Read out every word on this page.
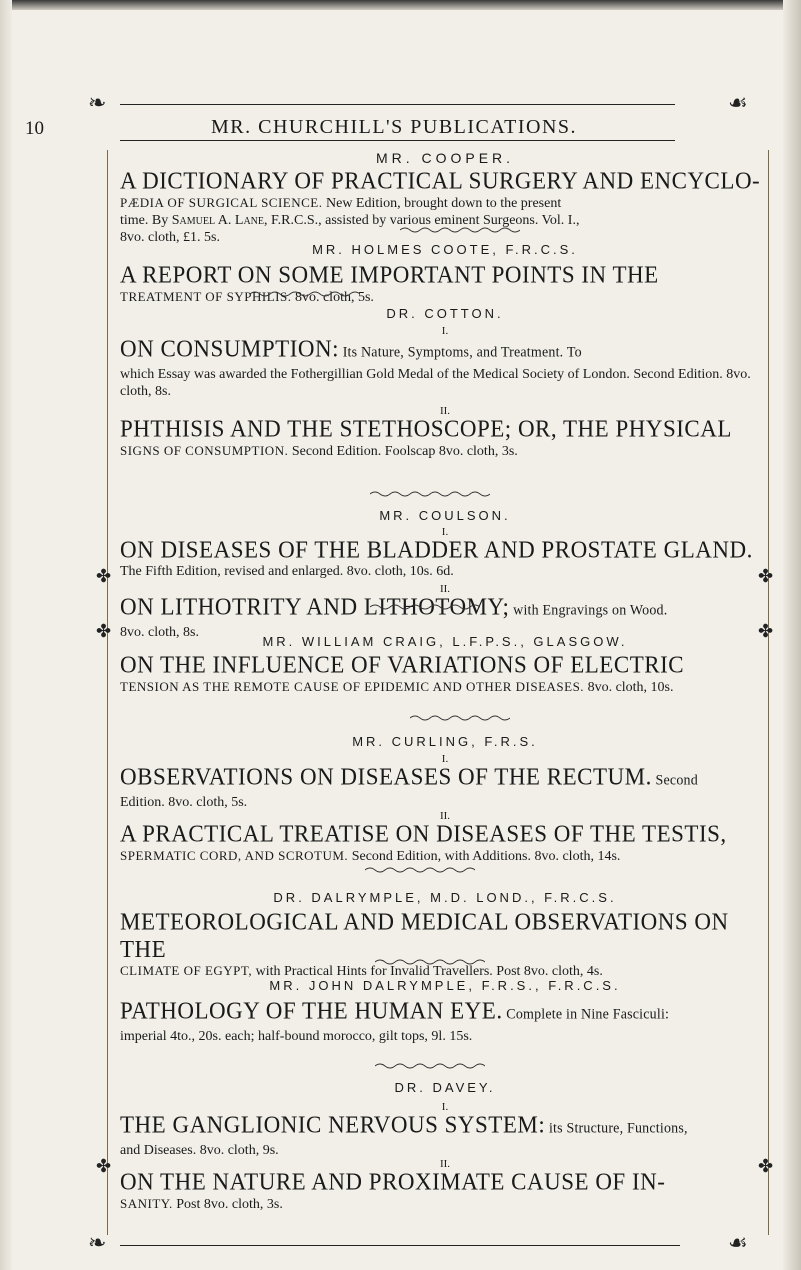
❧	☙
❧	☙
✤
✤
✤
✤
✤	✤
10	MR. CHURCHILL'S PUBLICATIONS.

MR. COOPER.

A DICTIONARY OF PRACTICAL SURGERY AND ENCYCLO-

PÆDIA OF SURGICAL SCIENCE. New Edition, brought down to the present
time. By Samuel A. Lane, F.R.C.S., assisted by various eminent Surgeons. Vol. I.,
8vo. cloth, £1. 5s.

MR. HOLMES COOTE, F.R.C.S.

A REPORT ON SOME IMPORTANT POINTS IN THE

TREATMENT OF SYPHILIS. 8vo. cloth, 5s.

DR. COTTON.

I.

ON CONSUMPTION: Its Nature, Symptoms, and Treatment. To

which Essay was awarded the Fothergillian Gold Medal of the Medical Society of London. Second Edition. 8vo. cloth, 8s.

II.

PHTHISIS AND THE STETHOSCOPE; OR, THE PHYSICAL

SIGNS OF CONSUMPTION. Second Edition. Foolscap 8vo. cloth, 3s.

MR. COULSON.

I.

ON DISEASES OF THE BLADDER AND PROSTATE GLAND.

The Fifth Edition, revised and enlarged. 8vo. cloth, 10s. 6d.

II.

ON LITHOTRITY AND LITHOTOMY; with Engravings on Wood.

8vo. cloth, 8s.

MR. WILLIAM CRAIG, L.F.P.S., GLASGOW.

ON THE INFLUENCE OF VARIATIONS OF ELECTRIC

TENSION AS THE REMOTE CAUSE OF EPIDEMIC AND OTHER DISEASES. 8vo. cloth, 10s.

MR. CURLING, F.R.S.

I.

OBSERVATIONS ON DISEASES OF THE RECTUM. Second

Edition. 8vo. cloth, 5s.

II.

A PRACTICAL TREATISE ON DISEASES OF THE TESTIS,

SPERMATIC CORD, AND SCROTUM. Second Edition, with Additions. 8vo. cloth, 14s.

DR. DALRYMPLE, M.D. LOND., F.R.C.S.

METEOROLOGICAL AND MEDICAL OBSERVATIONS ON THE

CLIMATE OF EGYPT, with Practical Hints for Invalid Travellers. Post 8vo. cloth, 4s.

MR. JOHN DALRYMPLE, F.R.S., F.R.C.S.

PATHOLOGY OF THE HUMAN EYE. Complete in Nine Fasciculi:

imperial 4to., 20s. each; half-bound morocco, gilt tops, 9l. 15s.

DR. DAVEY.

I.

THE GANGLIONIC NERVOUS SYSTEM: its Structure, Functions,

and Diseases. 8vo. cloth, 9s.

II.

ON THE NATURE AND PROXIMATE CAUSE OF IN-

SANITY. Post 8vo. cloth, 3s.
